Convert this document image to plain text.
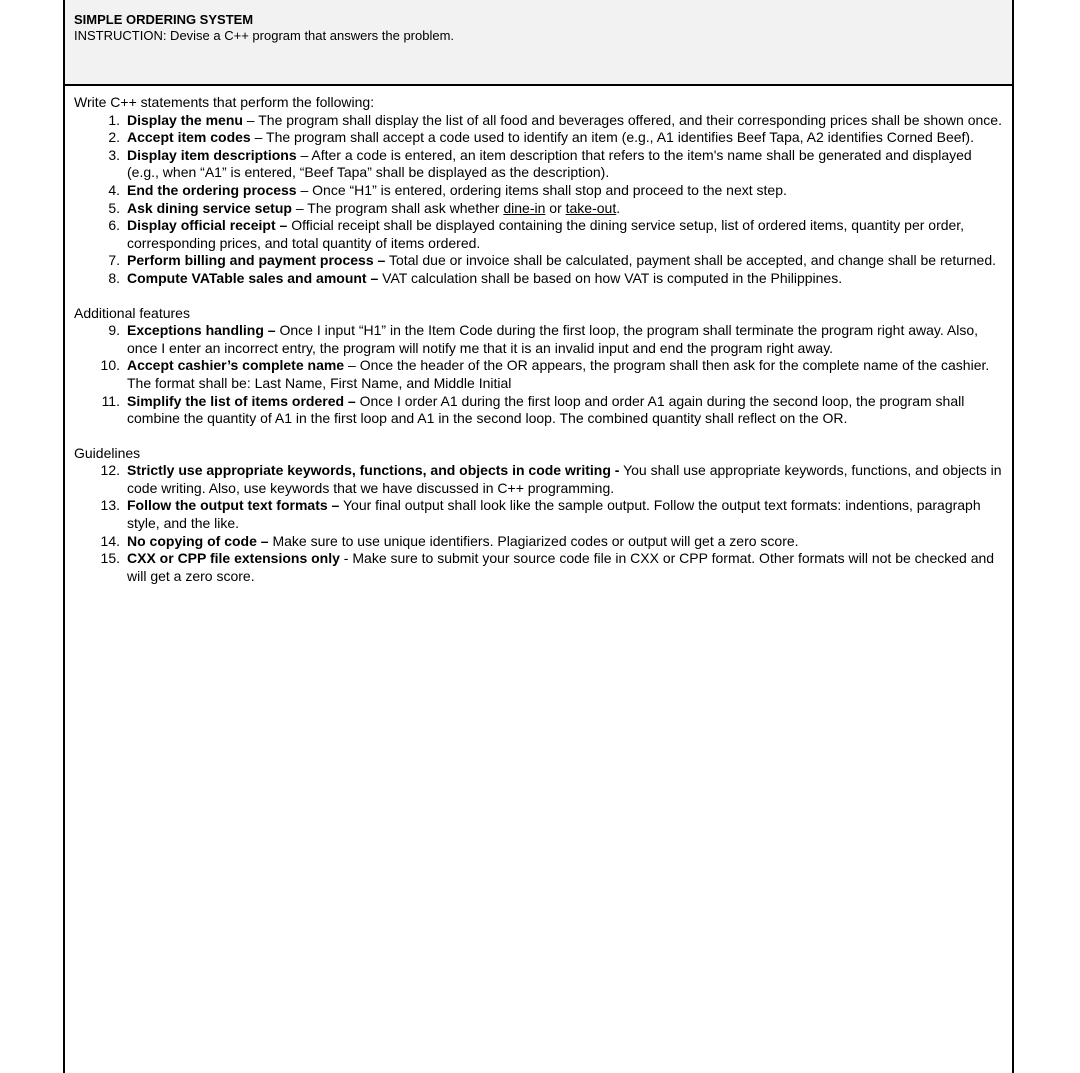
SIMPLE ORDERING SYSTEM

INSTRUCTION: Devise a C++ program that answers the problem.

Write C++ statements that perform the following:

1. Display the menu – The program shall display the list of all food and beverages offered, and their corresponding prices shall be shown once.
2. Accept item codes – The program shall accept a code used to identify an item (e.g., A1 identifies Beef Tapa, A2 identifies Corned Beef).
3. Display item descriptions – After a code is entered, an item description that refers to the item's name shall be generated and displayed (e.g., when “A1” is entered, “Beef Tapa” shall be displayed as the description).
4. End the ordering process – Once “H1” is entered, ordering items shall stop and proceed to the next step.
5. Ask dining service setup – The program shall ask whether dine-in or take-out.
6. Display official receipt – Official receipt shall be displayed containing the dining service setup, list of ordered items, quantity per order, corresponding prices, and total quantity of items ordered.
7. Perform billing and payment process – Total due or invoice shall be calculated, payment shall be accepted, and change shall be returned.
8. Compute VATable sales and amount – VAT calculation shall be based on how VAT is computed in the Philippines.

Additional features

9. Exceptions handling – Once I input “H1” in the Item Code during the first loop, the program shall terminate the program right away. Also, once I enter an incorrect entry, the program will notify me that it is an invalid input and end the program right away.
10. Accept cashier’s complete name – Once the header of the OR appears, the program shall then ask for the complete name of the cashier. The format shall be: Last Name, First Name, and Middle Initial
11. Simplify the list of items ordered – Once I order A1 during the first loop and order A1 again during the second loop, the program shall combine the quantity of A1 in the first loop and A1 in the second loop. The combined quantity shall reflect on the OR.

Guidelines

12. Strictly use appropriate keywords, functions, and objects in code writing - You shall use appropriate keywords, functions, and objects in code writing. Also, use keywords that we have discussed in C++ programming.
13. Follow the output text formats – Your final output shall look like the sample output. Follow the output text formats: indentions, paragraph style, and the like.
14. No copying of code – Make sure to use unique identifiers. Plagiarized codes or output will get a zero score.
15. CXX or CPP file extensions only - Make sure to submit your source code file in CXX or CPP format. Other formats will not be checked and will get a zero score.
